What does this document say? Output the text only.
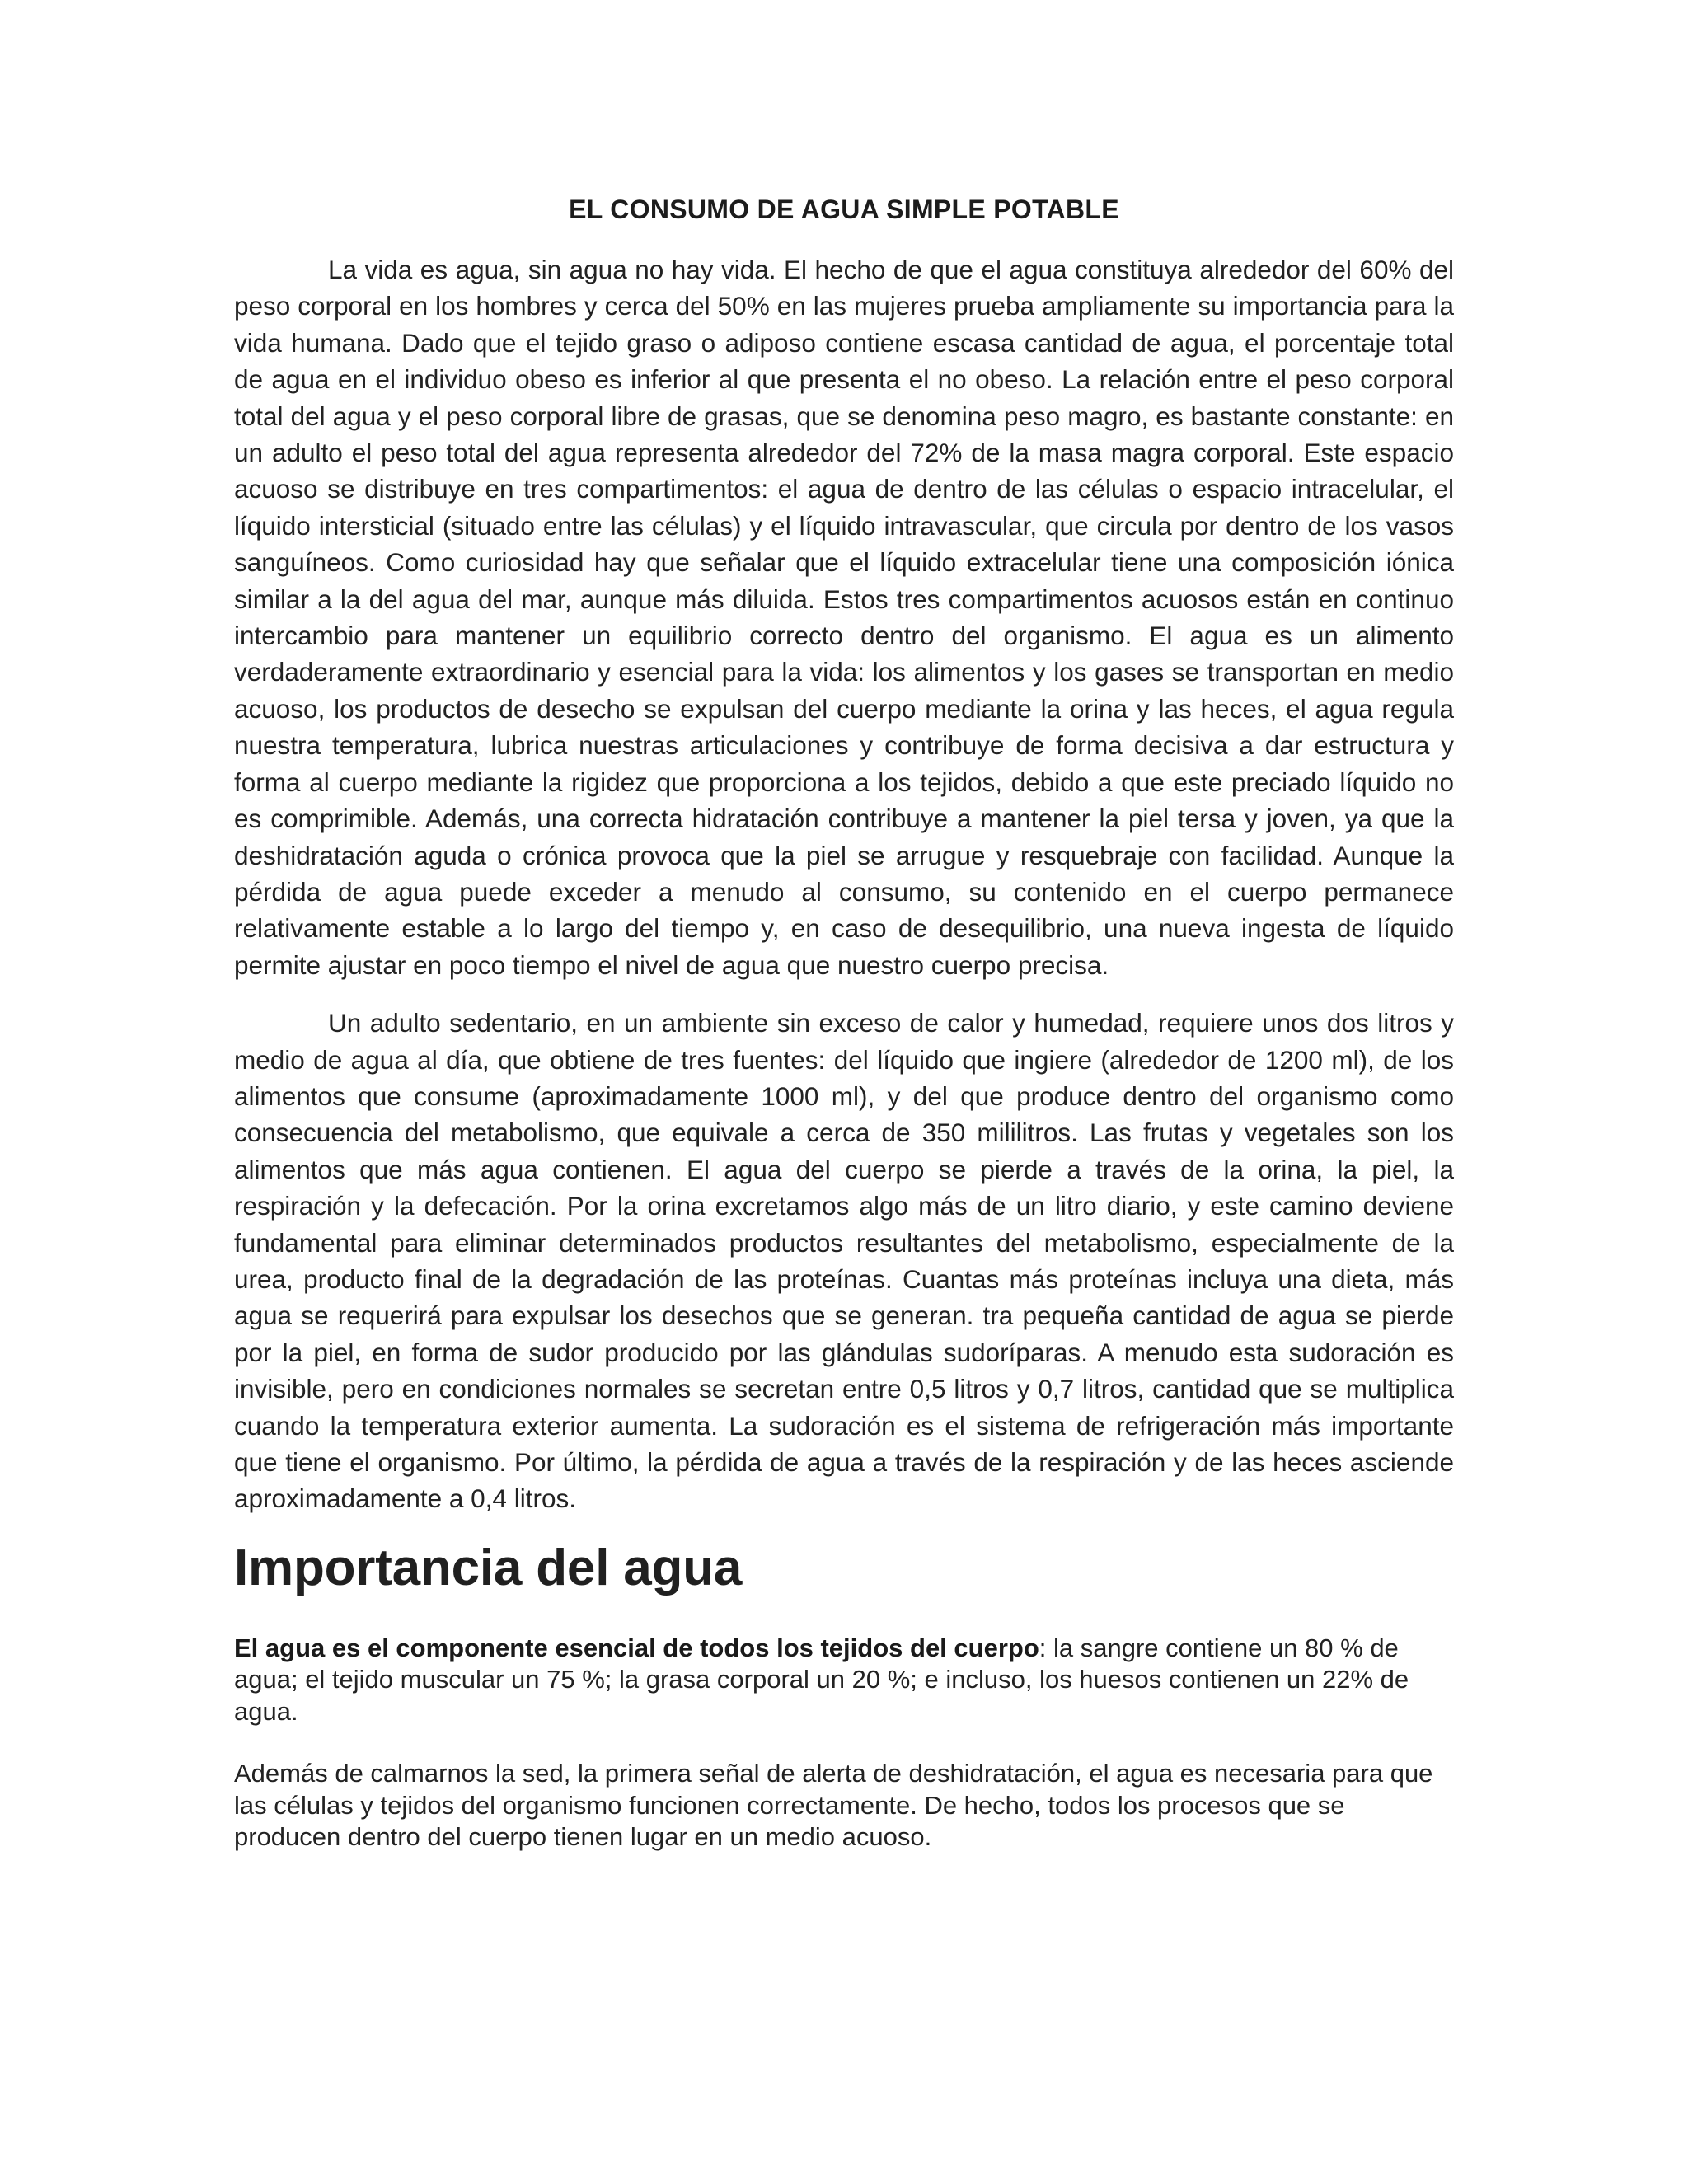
EL CONSUMO DE AGUA SIMPLE POTABLE

La vida es agua, sin agua no hay vida. El hecho de que el agua constituya alrededor del 60% del peso corporal en los hombres y cerca del 50% en las mujeres prueba ampliamente su importancia para la vida humana. Dado que el tejido graso o adiposo contiene escasa cantidad de agua, el porcentaje total de agua en el individuo obeso es inferior al que presenta el no obeso. La relación entre el peso corporal total del agua y el peso corporal libre de grasas, que se denomina peso magro, es bastante constante: en un adulto el peso total del agua representa alrededor del 72% de la masa magra corporal. Este espacio acuoso se distribuye en tres compartimentos: el agua de dentro de las células o espacio intracelular, el líquido intersticial (situado entre las células) y el líquido intravascular, que circula por dentro de los vasos sanguíneos. Como curiosidad hay que señalar que el líquido extracelular tiene una composición iónica similar a la del agua del mar, aunque más diluida. Estos tres compartimentos acuosos están en continuo intercambio para mantener un equilibrio correcto dentro del organismo. El agua es un alimento verdaderamente extraordinario y esencial para la vida: los alimentos y los gases se transportan en medio acuoso, los productos de desecho se expulsan del cuerpo mediante la orina y las heces, el agua regula nuestra temperatura, lubrica nuestras articulaciones y contribuye de forma decisiva a dar estructura y forma al cuerpo mediante la rigidez que proporciona a los tejidos, debido a que este preciado líquido no es comprimible. Además, una correcta hidratación contribuye a mantener la piel tersa y joven, ya que la deshidratación aguda o crónica provoca que la piel se arrugue y resquebraje con facilidad. Aunque la pérdida de agua puede exceder a menudo al consumo, su contenido en el cuerpo permanece relativamente estable a lo largo del tiempo y, en caso de desequilibrio, una nueva ingesta de líquido permite ajustar en poco tiempo el nivel de agua que nuestro cuerpo precisa.

Un adulto sedentario, en un ambiente sin exceso de calor y humedad, requiere unos dos litros y medio de agua al día, que obtiene de tres fuentes: del líquido que ingiere (alrededor de 1200 ml), de los alimentos que consume (aproximadamente 1000 ml), y del que produce dentro del organismo como consecuencia del metabolismo, que equivale a cerca de 350 mililitros. Las frutas y vegetales son los alimentos que más agua contienen. El agua del cuerpo se pierde a través de la orina, la piel, la respiración y la defecación. Por la orina excretamos algo más de un litro diario, y este camino deviene fundamental para eliminar determinados productos resultantes del metabolismo, especialmente de la urea, producto final de la degradación de las proteínas. Cuantas más proteínas incluya una dieta, más agua se requerirá para expulsar los desechos que se generan. tra pequeña cantidad de agua se pierde por la piel, en forma de sudor producido por las glándulas sudoríparas. A menudo esta sudoración es invisible, pero en condiciones normales se secretan entre 0,5 litros y 0,7 litros, cantidad que se multiplica cuando la temperatura exterior aumenta. La sudoración es el sistema de refrigeración más importante que tiene el organismo. Por último, la pérdida de agua a través de la respiración y de las heces asciende aproximadamente a 0,4 litros.

Importancia del agua

El agua es el componente esencial de todos los tejidos del cuerpo: la sangre contiene un 80 % de agua; el tejido muscular un 75 %; la grasa corporal un 20 %; e incluso, los huesos contienen un 22% de agua.

Además de calmarnos la sed, la primera señal de alerta de deshidratación, el agua es necesaria para que las células y tejidos del organismo funcionen correctamente. De hecho, todos los procesos que se producen dentro del cuerpo tienen lugar en un medio acuoso.
